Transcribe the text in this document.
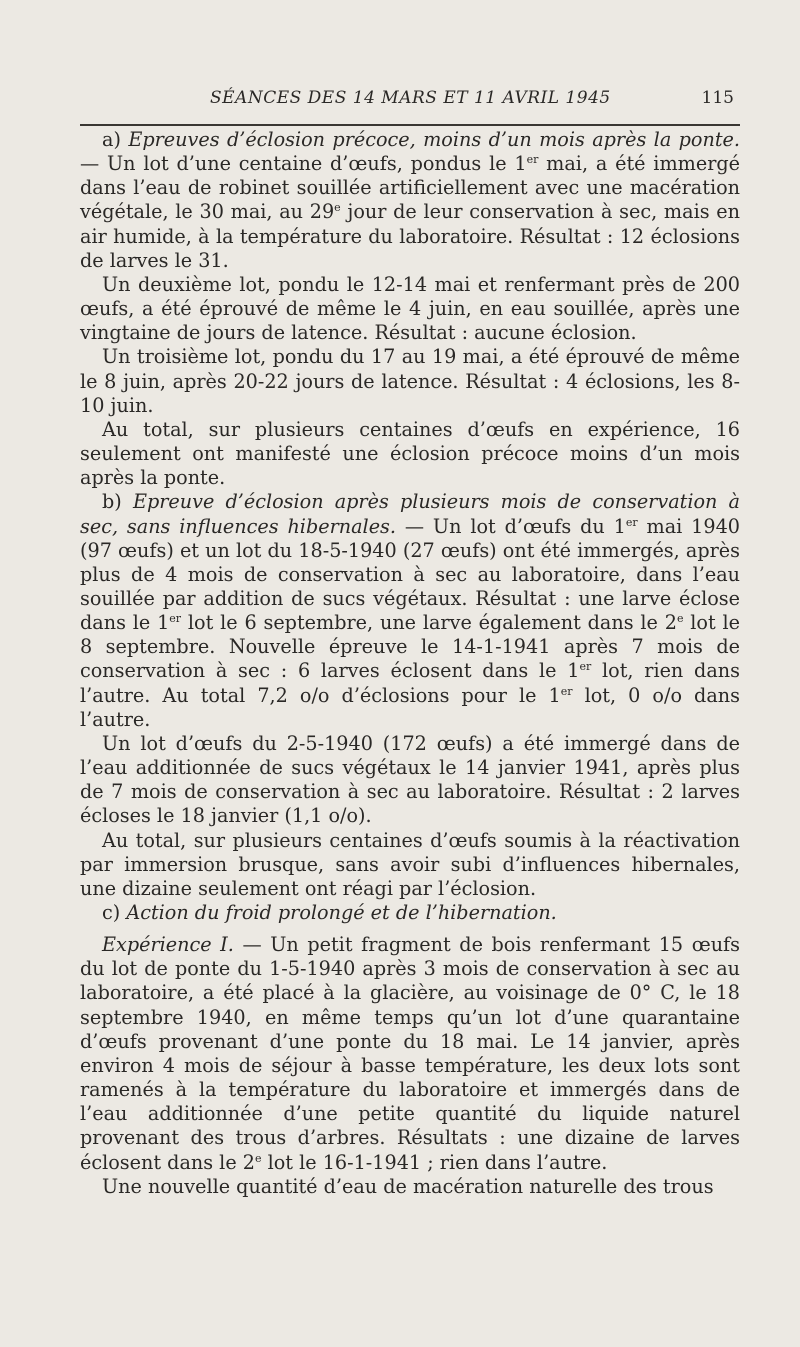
SÉANCES DES 14 MARS ET 11 AVRIL 1945	115

a) Epreuves d’éclosion précoce, moins d’un mois après la ponte. — Un lot d’une centaine d’œufs, pondus le 1er mai, a été immergé dans l’eau de robinet souillée artificiellement avec une macération végétale, le 30 mai, au 29e jour de leur conservation à sec, mais en air humide, à la température du laboratoire. Résultat : 12 éclosions de larves le 31.

Un deuxième lot, pondu le 12-14 mai et renfermant près de 200 œufs, a été éprouvé de même le 4 juin, en eau souillée, après une vingtaine de jours de latence. Résultat : aucune éclosion.

Un troisième lot, pondu du 17 au 19 mai, a été éprouvé de même le 8 juin, après 20-22 jours de latence. Résultat : 4 éclosions, les 8-10 juin.

Au total, sur plusieurs centaines d’œufs en expérience, 16 seulement ont manifesté une éclosion précoce moins d’un mois après la ponte.

b) Epreuve d’éclosion après plusieurs mois de conservation à sec, sans influences hibernales. — Un lot d’œufs du 1er mai 1940 (97 œufs) et un lot du 18-5-1940 (27 œufs) ont été immergés, après plus de 4 mois de conservation à sec au laboratoire, dans l’eau souillée par addition de sucs végétaux. Résultat : une larve éclose dans le 1er lot le 6 septembre, une larve également dans le 2e lot le 8 septembre. Nouvelle épreuve le 14-1-1941 après 7 mois de conservation à sec : 6 larves éclosent dans le 1er lot, rien dans l’autre. Au total 7,2 o/o d’éclosions pour le 1er lot, 0 o/o dans l’autre.

Un lot d’œufs du 2-5-1940 (172 œufs) a été immergé dans de l’eau additionnée de sucs végétaux le 14 janvier 1941, après plus de 7 mois de conservation à sec au laboratoire. Résultat : 2 larves écloses le 18 janvier (1,1 o/o).

Au total, sur plusieurs centaines d’œufs soumis à la réactivation par immersion brusque, sans avoir subi d’influences hibernales, une dizaine seulement ont réagi par l’éclosion.

c) Action du froid prolongé et de l’hibernation.

Expérience I. — Un petit fragment de bois renfermant 15 œufs du lot de ponte du 1-5-1940 après 3 mois de conservation à sec au laboratoire, a été placé à la glacière, au voisinage de 0° C, le 18 septembre 1940, en même temps qu’un lot d’une quarantaine d’œufs provenant d’une ponte du 18 mai. Le 14 janvier, après environ 4 mois de séjour à basse température, les deux lots sont ramenés à la température du laboratoire et immergés dans de l’eau additionnée d’une petite quantité du liquide naturel provenant des trous d’arbres. Résultats : une dizaine de larves éclosent dans le 2e lot le 16-1-1941 ; rien dans l’autre.

Une nouvelle quantité d’eau de macération naturelle des trous
